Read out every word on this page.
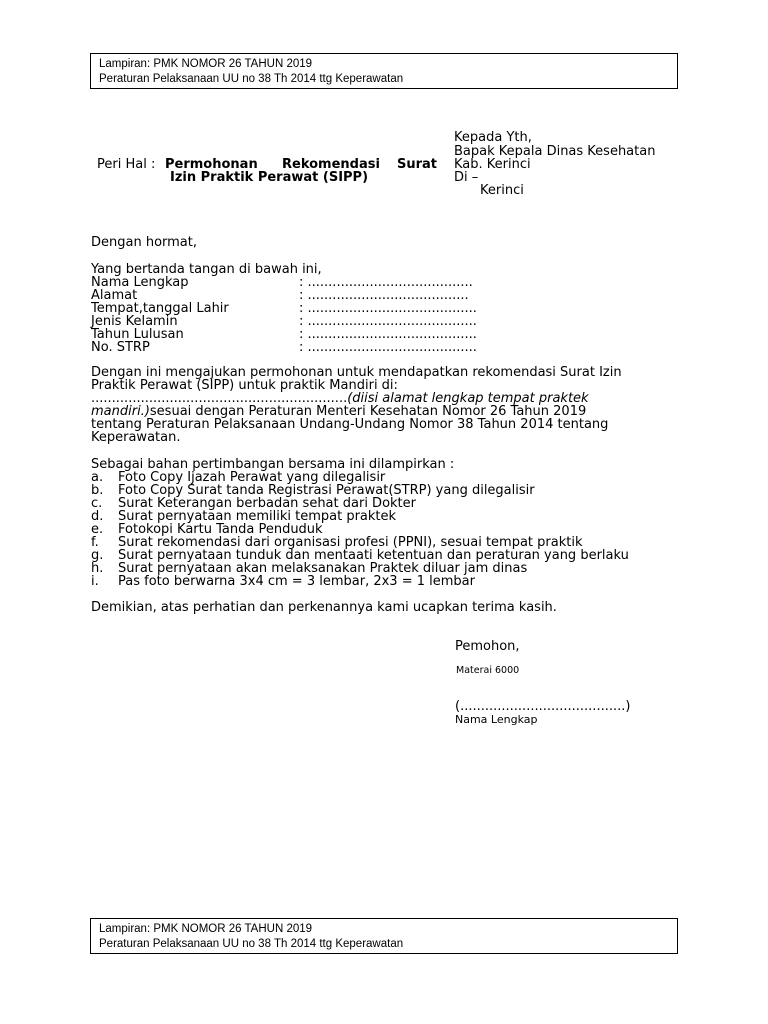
Lampiran: PMK NOMOR 26 TAHUN 2019
Peraturan Pelaksanaan UU no 38 Th 2014 ttg Keperawatan
Kepada Yth,
Bapak Kepala Dinas Kesehatan
Kab. Kerinci
Di –
Kerinci
Peri Hal : Permohonan Rekomendasi Surat
Izin Praktik Perawat (SIPP)
Dengan hormat,
Yang bertanda tangan di bawah ini,
Nama Lengkap	: ........................................
Alamat	: .......................................
Tempat,tanggal Lahir	: .........................................
Jenis Kelamin	: .........................................
Tahun Lulusan	: .........................................
No. STRP	: .........................................
Dengan ini mengajukan permohonan untuk mendapatkan rekomendasi Surat Izin
Praktik Perawat (SIPP) untuk praktik Mandiri di:
..............................................................(diisi alamat lengkap tempat praktek
mandiri.)sesuai dengan Peraturan Menteri Kesehatan Nomor 26 Tahun 2019
tentang Peraturan Pelaksanaan Undang-Undang Nomor 38 Tahun 2014 tentang
Keperawatan.
Sebagai bahan pertimbangan bersama ini dilampirkan :
a. Foto Copy Ijazah Perawat yang dilegalisir
b. Foto Copy Surat tanda Registrasi Perawat(STRP) yang dilegalisir
c. Surat Keterangan berbadan sehat dari Dokter
d. Surat pernyataan memiliki tempat praktek
e. Fotokopi Kartu Tanda Penduduk
f. Surat rekomendasi dari organisasi profesi (PPNI), sesuai tempat praktik
g. Surat pernyataan tunduk dan mentaati ketentuan dan peraturan yang berlaku
h. Surat pernyataan akan melaksanakan Praktek diluar jam dinas
i. Pas foto berwarna 3x4 cm = 3 lembar, 2x3 = 1 lembar
Demikian, atas perhatian dan perkenannya kami ucapkan terima kasih.
Pemohon,
Materai 6000
(........................................)
Nama Lengkap
Lampiran: PMK NOMOR 26 TAHUN 2019
Peraturan Pelaksanaan UU no 38 Th 2014 ttg Keperawatan
